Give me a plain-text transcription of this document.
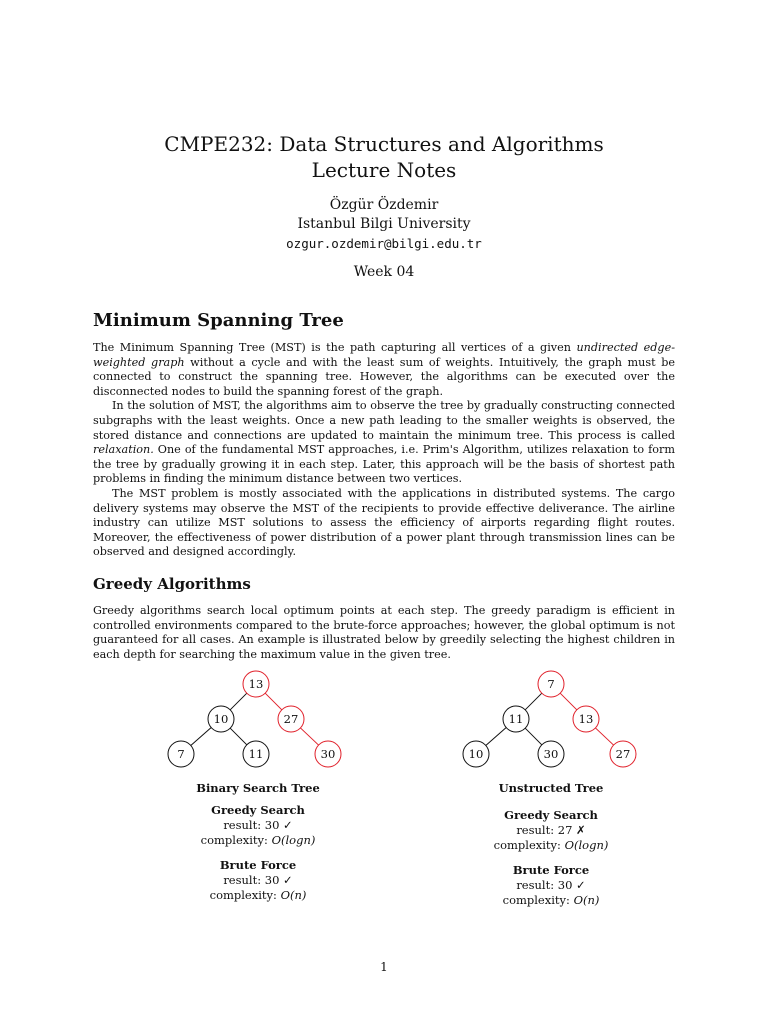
CMPE232: Data Structures and Algorithms
Lecture Notes
Özgür Özdemir
Istanbul Bilgi University
ozgur.ozdemir@bilgi.edu.tr
Week 04
Minimum Spanning Tree
The Minimum Spanning Tree (MST) is the path capturing all vertices of a given undirected edge-weighted graph without a cycle and with the least sum of weights. Intuitively, the graph must be connected to construct the spanning tree. However, the algorithms can be executed over the disconnected nodes to build the spanning forest of the graph.
In the solution of MST, the algorithms aim to observe the tree by gradually constructing connected subgraphs with the least weights. Once a new path leading to the smaller weights is observed, the stored distance and connections are updated to maintain the minimum tree. This process is called relaxation. One of the fundamental MST approaches, i.e. Prim's Algorithm, utilizes relaxation to form the tree by gradually growing it in each step. Later, this approach will be the basis of shortest path problems in finding the minimum distance between two vertices.
The MST problem is mostly associated with the applications in distributed systems. The cargo delivery systems may observe the MST of the recipients to provide effective deliverance. The airline industry can utilize MST solutions to assess the efficiency of airports regarding flight routes. Moreover, the effectiveness of power distribution of a power plant through transmission lines can be observed and designed accordingly.
Greedy Algorithms

Greedy algorithms search local optimum points at each step. The greedy paradigm is efficient in controlled environments compared to the brute-force approaches; however, the global optimum is not guaranteed for all cases. An example is illustrated below by greedily selecting the highest children in each depth for searching the maximum value in the given tree.

13
10	27
7	11	30
7
11	13
10	30	27
Binary Search Tree
Greedy Search
result: 30 ✓
complexity: O(logn)
Brute Force
result: 30 ✓
complexity: O(n)
Unstructed Tree
Greedy Search
result: 27 ✗
complexity: O(logn)
Brute Force
result: 30 ✓
complexity: O(n)
1
